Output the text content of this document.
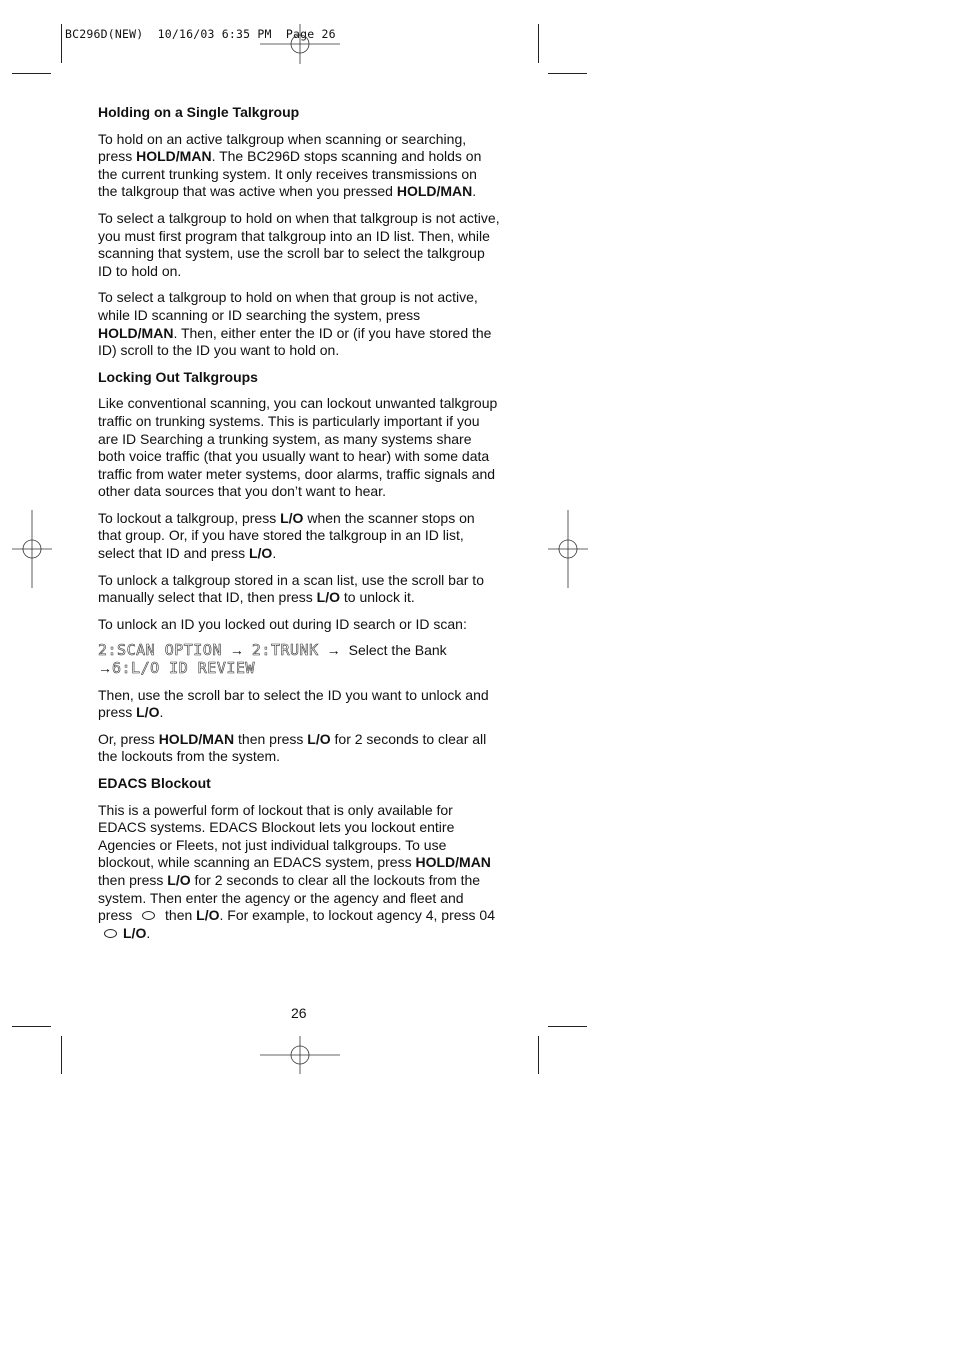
BC296D(NEW)  10/16/03 6:35 PM  Page 26
Holding on a Single Talkgroup

To hold on an active talkgroup when scanning or searching, press HOLD/MAN. The BC296D stops scanning and holds on the current trunking system. It only receives transmissions on the talkgroup that was active when you pressed HOLD/MAN.

To select a talkgroup to hold on when that talkgroup is not active, you must first program that talkgroup into an ID list. Then, while scanning that system, use the scroll bar to select the talkgroup ID to hold on.

To select a talkgroup to hold on when that group is not active, while ID scanning or ID searching the system, press HOLD/MAN. Then, either enter the ID or (if you have stored the ID) scroll to the ID you want to hold on.

Locking Out Talkgroups

Like conventional scanning, you can lockout unwanted talkgroup traffic on trunking systems. This is particularly important if you are ID Searching a trunking system, as many systems share both voice traffic (that you usually want to hear) with some data traffic from water meter systems, door alarms, traffic signals and other data sources that you don’t want to hear.

To lockout a talkgroup, press L/O when the scanner stops on that group. Or, if you have stored the talkgroup in an ID list, select that ID and press L/O.

To unlock a talkgroup stored in a scan list, use the scroll bar to manually select that ID, then press L/O to unlock it.

To unlock an ID you locked out during ID search or ID scan:

2:SCAN OPTION → 2:TRUNK → Select the Bank
→6:L/O ID REVIEW

Then, use the scroll bar to select the ID you want to unlock and press L/O.

Or, press HOLD/MAN then press L/O for 2 seconds to clear all the lockouts from the system.

EDACS Blockout

This is a powerful form of lockout that is only available for EDACS systems. EDACS Blockout lets you lockout entire Agencies or Fleets, not just individual talkgroups. To use blockout, while scanning an EDACS system, press HOLD/MAN then press L/O for 2 seconds to clear all the lockouts from the system. Then enter the agency or the agency and fleet and press  then L/O. For example, to lockout agency 4, press 04 L/O.

26
